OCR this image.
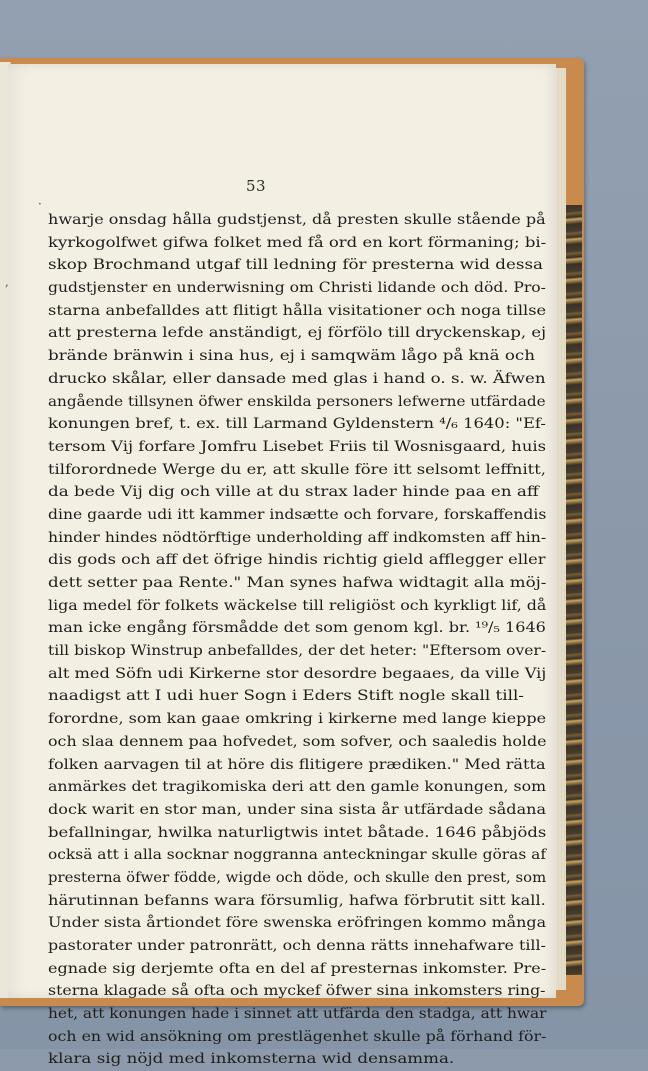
53
hwarje onsdag hålla gudstjenst, då presten skulle stående på
kyrkogolfwet gifwa folket med få ord en kort förmaning; bi-
skop Brochmand utgaf till ledning för presterna wid dessa
gudstjenster en underwisning om Christi lidande och död. Pro-
starna anbefalldes att flitigt hålla visitationer och noga tillse
att presterna lefde anständigt, ej förfölo till dryckenskap, ej
brände bränwin i sina hus, ej i samqwäm lågo på knä och
drucko skålar, eller dansade med glas i hand o. s. w. Äfwen
angående tillsynen öfwer enskilda personers lefwerne utfärdade
konungen bref, t. ex. till Larmand Gyldenstern ⁴/₆ 1640: "Ef-
tersom Vij forfare Jomfru Lisebet Friis til Wosnisgaard, huis
tilforordnede Werge du er, att skulle före itt selsomt leffnitt,
da bede Vij dig och ville at du strax lader hinde paa en aff
dine gaarde udi itt kammer indsætte och forvare, forskaffendis
hinder hindes nödtörftige underholding aff indkomsten aff hin-
dis gods och aff det öfrige hindis richtig gield afflegger eller
dett setter paa Rente." Man synes hafwa widtagit alla möj-
liga medel för folkets wäckelse till religiöst och kyrkligt lif, då
man icke engång försmådde det som genom kgl. br. ¹⁹/₅ 1646
till biskop Winstrup anbefalldes, der det heter: "Eftersom over-
alt med Söfn udi Kirkerne stor desordre begaaes, da ville Vij
naadigst att I udi huer Sogn i Eders Stift nogle skall till-
forordne, som kan gaae omkring i kirkerne med lange kieppe
och slaa dennem paa hofvedet, som sofver, och saaledis holde
folken aarvagen til at höre dis flitigere prædiken." Med rätta
anmärkes det tragikomiska deri att den gamle konungen, som
dock warit en stor man, under sina sista år utfärdade sådana
befallningar, hwilka naturligtwis intet båtade. 1646 påbjöds
ocksä att i alla socknar noggranna anteckningar skulle göras af
presterna öfwer födde, wigde och döde, och skulle den prest, som
härutinnan befanns wara försumlig, hafwa förbrutit sitt kall.
Under sista årtiondet före swenska eröfringen kommo många
pastorater under patronrätt, och denna rätts innehafware till-
egnade sig derjemte ofta en del af presternas inkomster. Pre-
sterna klagade så ofta och myckef öfwer sina inkomsters ring-
het, att konungen hade i sinnet att utfärda den stadga, att hwar
och en wid ansökning om prestlägenhet skulle på förhand för-
klara sig nöjd med inkomsterna wid densamma.
·
,
